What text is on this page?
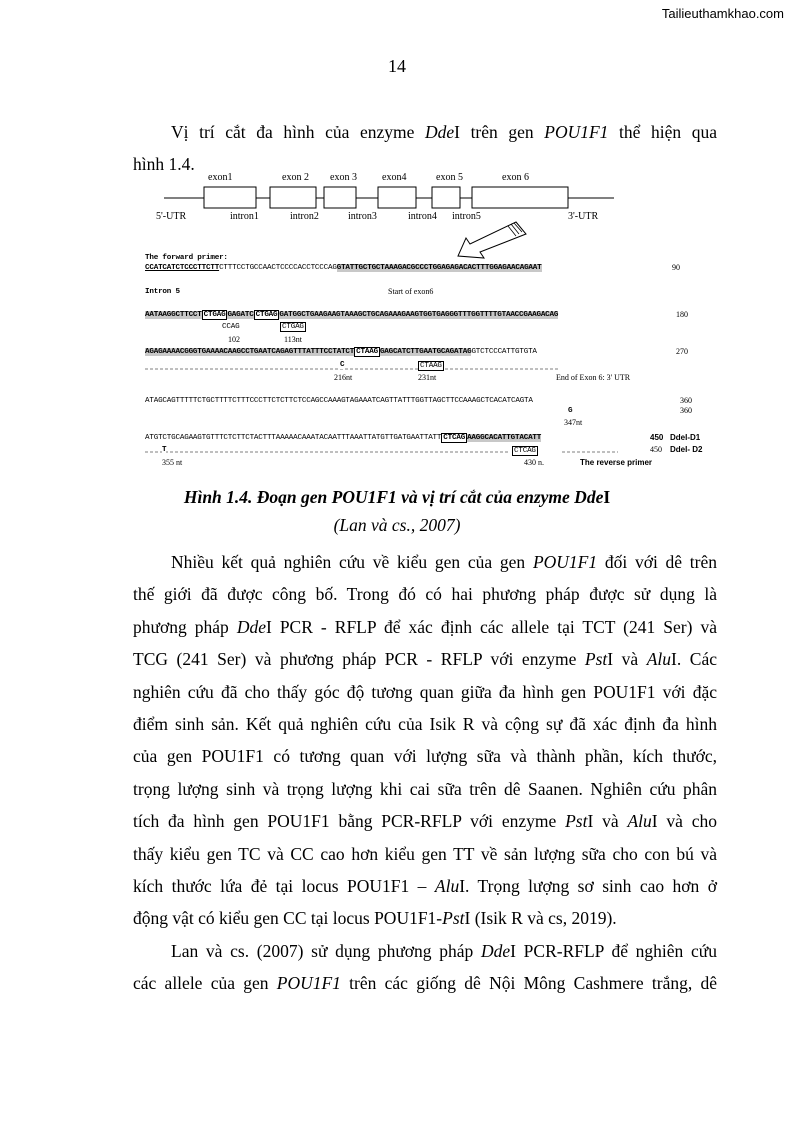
Tailieuthamkhao.com
14
Vị trí cắt đa hình của enzyme DdeI trên gen POU1F1 thể hiện qua
hình 1.4.
exon1	exon 2 exon 3	exon4	exon 5	exon 6
5'-UTR	intron1	intron2	intron3	intron4 intron5	3'-UTR
The forward primer:
CCATCATCTCCCTTCTTCTTTCCTGCCAACTCCCCACCTCCCAGGTATTGCTGCTAAAGACGCCCTGGAGAGACACTTTGGAGAACAGAAT	90
Intron 5	Start of exon6
AATAAGGCTTCCT CTGAG GAGATC CTGAG GATGGCTGAAGAAGTAAAGCTGCAGAAAGAAGTGGTGAGGGTTTGGTTTTGTAACCGAAGACAG	180
CCAG	CTGAG
102	113nt
AGAGAAAACGGGTGAAAACAAGCCTGAATCAGAGTTTATTTCCTATCT CTAAG GAGCATCTTGAATGCAGATAGGTCTCCCATTGTGTA	270
C	CTAAG
216nt	231nt	End of Exon 6: 3' UTR
ATAGCAGTTTTTCTGCTTTTCTTTCCCTTCTCTTCTCCAGCCAAAGTAGAAATCAGTTATTTGGTTAGCTTCCAAAGCTCACATCAGTA	360
G	360
347nt
ATGTCTGCAGAAGTGTTTCTCTTCTACTTTAAAAACAAATACAATTTAAATTATGTTGATGAATTATT CTCAG AAGGCACATTGTACATT	450 DdeI-D1
T	CTCAG	450 DdeI- D2
355 nt	430 n.	The reverse primer
Hình 1.4. Đoạn gen POU1F1 và vị trí cắt của enzyme DdeI
(Lan và cs., 2007)
Nhiều kết quả nghiên cứu về kiểu gen của gen POU1F1 đối với dê trên
thế giới đã được công bố. Trong đó có hai phương pháp được sử dụng là
phương pháp DdeI PCR - RFLP để xác định các allele tại TCT (241 Ser) và
TCG (241 Ser) và phương pháp PCR - RFLP với enzyme PstI và AluI. Các
nghiên cứu đã cho thấy góc độ tương quan giữa đa hình gen POU1F1 với đặc
điểm sinh sản. Kết quả nghiên cứu của Isik R và cộng sự đã xác định đa hình
của gen POU1F1 có tương quan với lượng sữa và thành phần, kích thước,
trọng lượng sinh và trọng lượng khi cai sữa trên dê Saanen. Nghiên cứu phân
tích đa hình gen POU1F1 bằng PCR-RFLP với enzyme PstI và AluI và cho
thấy kiểu gen TC và CC cao hơn kiểu gen TT về sản lượng sữa cho con bú và
kích thước lứa đẻ tại locus POU1F1 – AluI. Trọng lượng sơ sinh cao hơn ở
động vật có kiểu gen CC tại locus POU1F1-PstI (Isik R và cs, 2019).
Lan và cs. (2007) sử dụng phương pháp DdeI PCR-RFLP để nghiên cứu
các allele của gen POU1F1 trên các giống dê Nội Mông Cashmere trắng, dê
